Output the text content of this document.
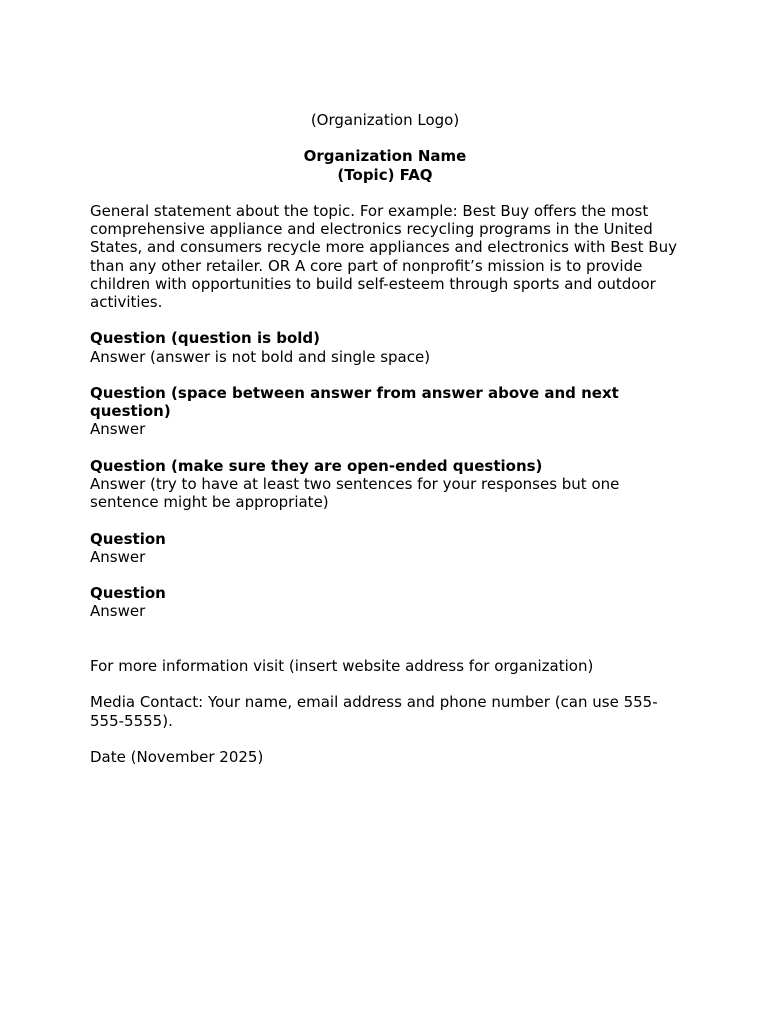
(Organization Logo)

Organization Name

(Topic) FAQ

General statement about the topic. For example: Best Buy offers the most comprehensive appliance and electronics recycling programs in the United States, and consumers recycle more appliances and electronics with Best Buy than any other retailer. OR A core part of nonprofit’s mission is to provide children with opportunities to build self-esteem through sports and outdoor activities.

Question (question is bold)

Answer (answer is not bold and single space)

Question (space between answer from answer above and next question)

Answer

Question (make sure they are open-ended questions)

Answer (try to have at least two sentences for your responses but one sentence might be appropriate)

Question

Answer

Question

Answer

For more information visit (insert website address for organization)

Media Contact: Your name, email address and phone number (can use 555-555-5555).

Date (November 2025)
